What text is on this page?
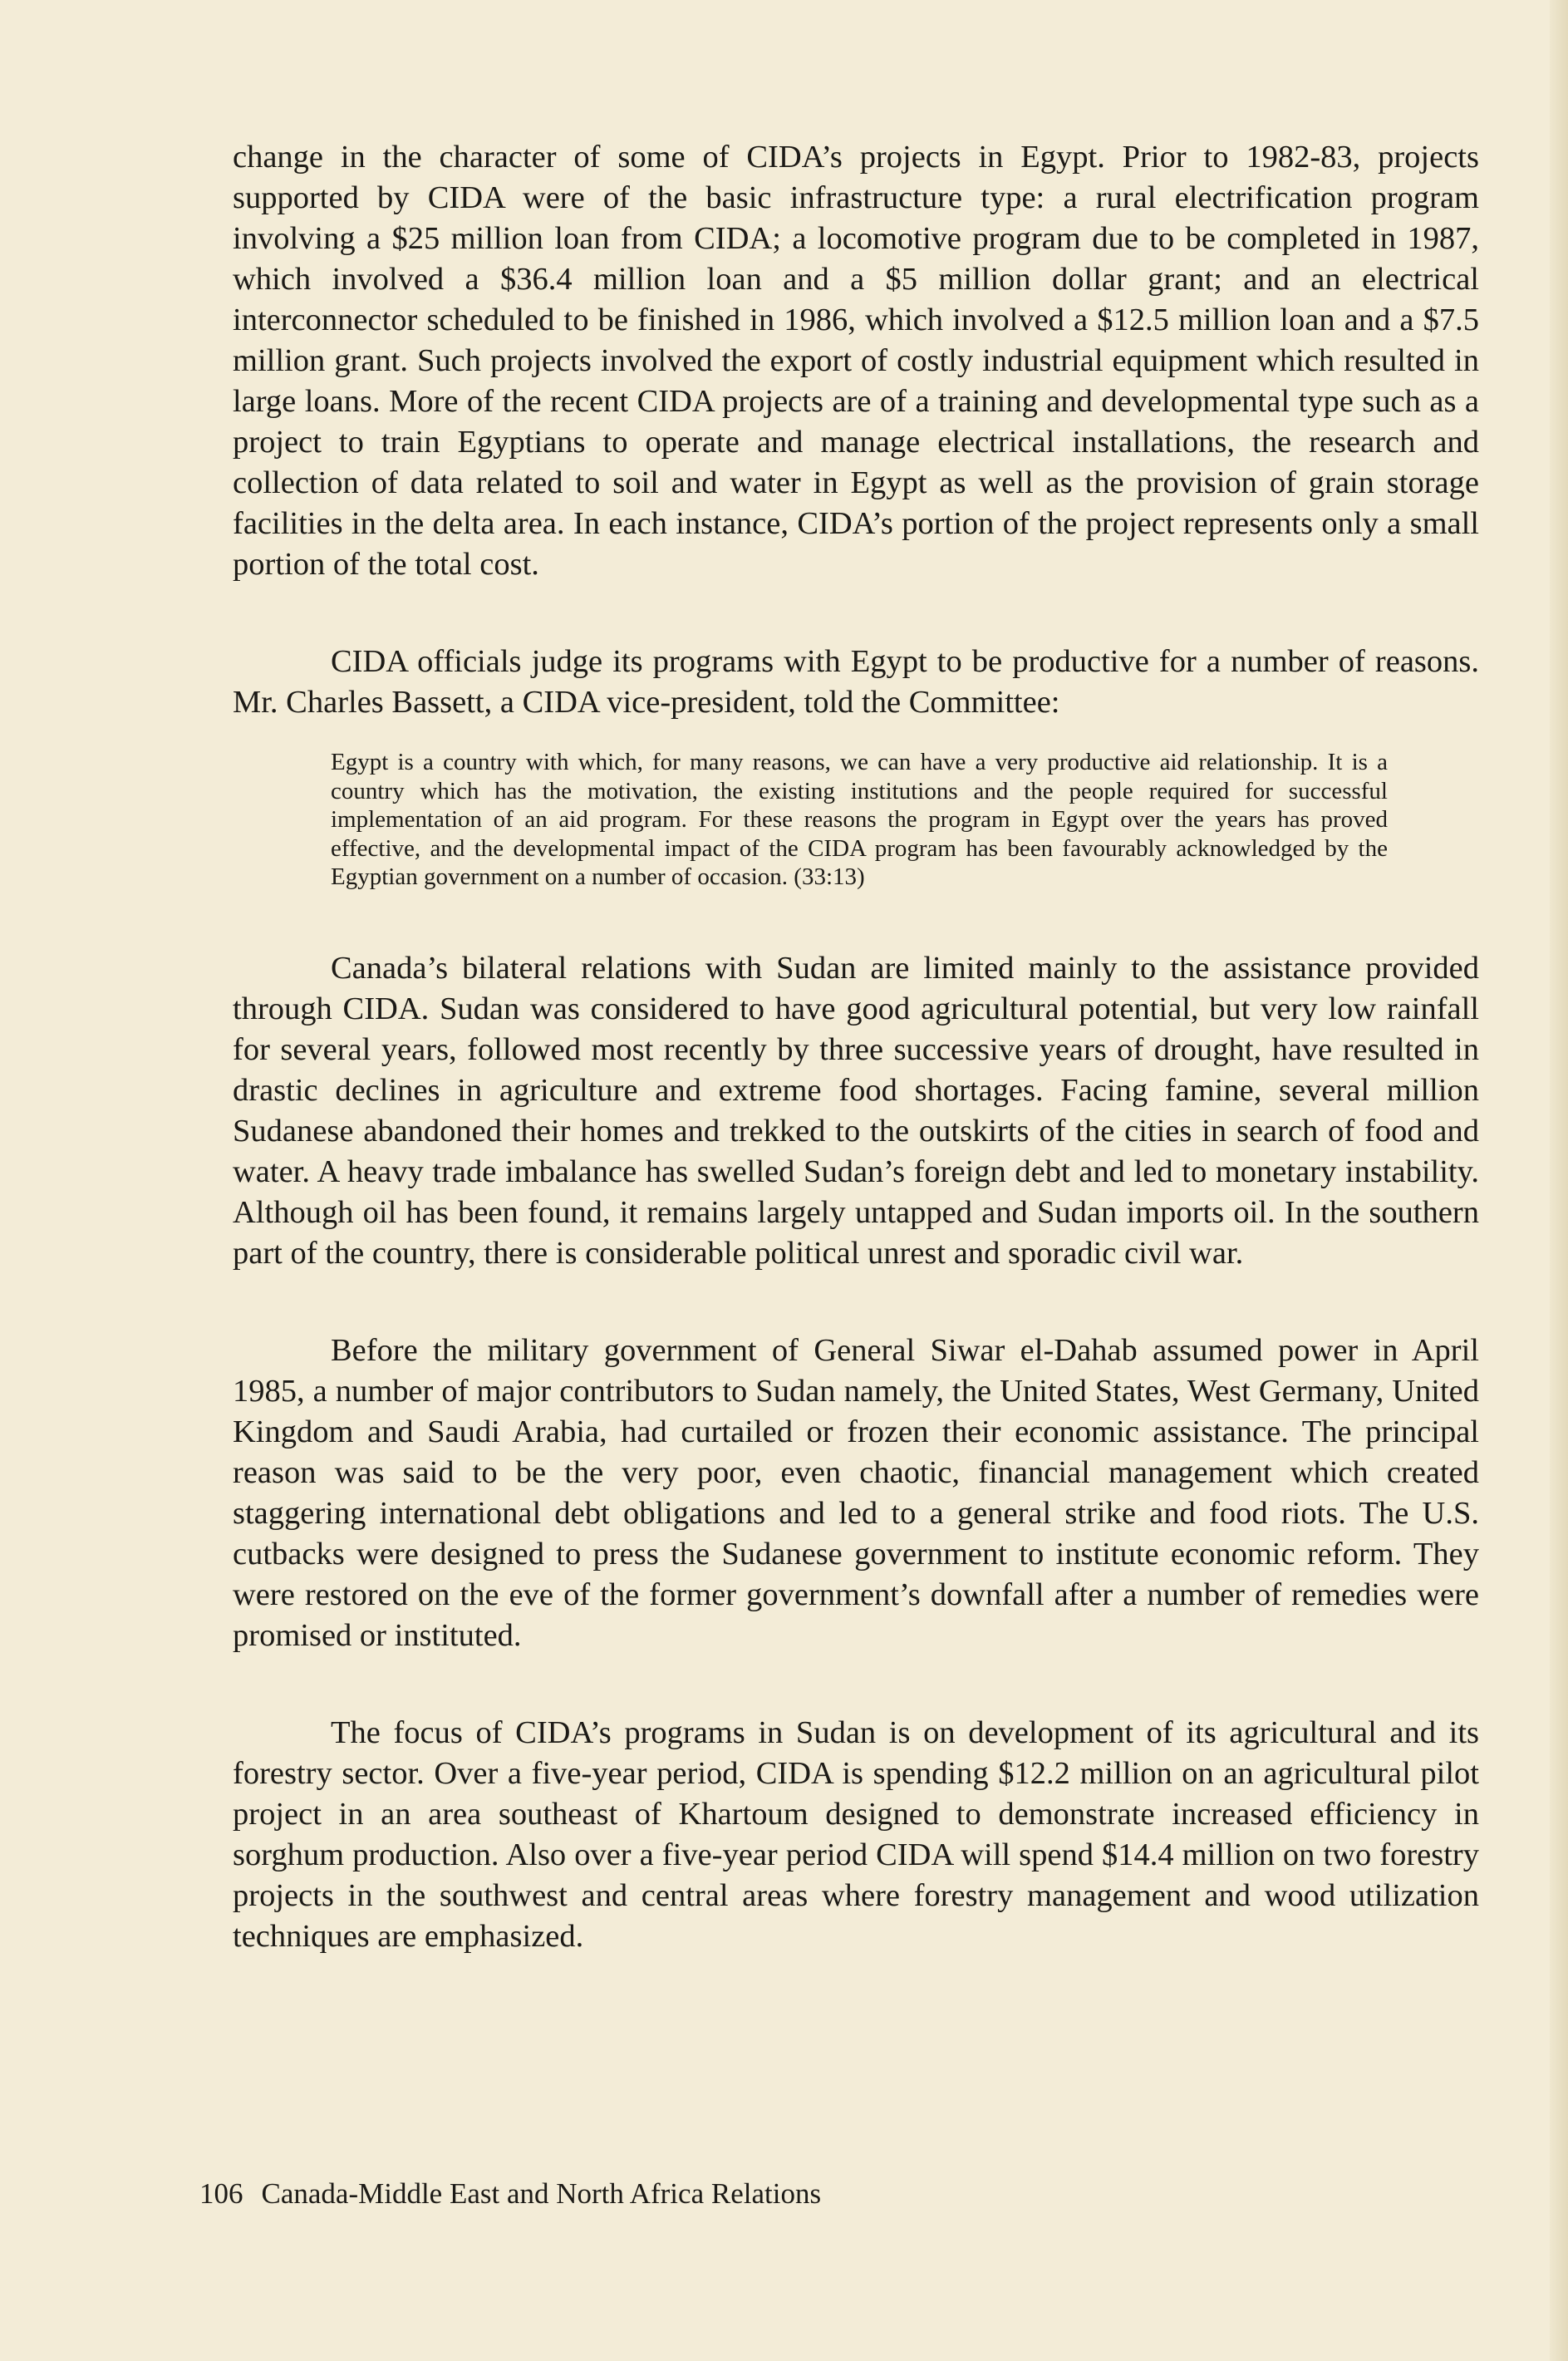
change in the character of some of CIDA’s projects in Egypt. Prior to 1982-83, projects supported by CIDA were of the basic infrastructure type: a rural electrification program involving a $25 million loan from CIDA; a locomotive program due to be completed in 1987, which involved a $36.4 million loan and a $5 million dollar grant; and an electrical interconnector scheduled to be finished in 1986, which involved a $12.5 million loan and a $7.5 million grant. Such projects involved the export of costly industrial equipment which resulted in large loans. More of the recent CIDA projects are of a training and developmental type such as a project to train Egyptians to operate and manage electrical installations, the research and collection of data related to soil and water in Egypt as well as the provision of grain storage facilities in the delta area. In each instance, CIDA’s portion of the project represents only a small portion of the total cost.

CIDA officials judge its programs with Egypt to be productive for a number of reasons. Mr. Charles Bassett, a CIDA vice-president, told the Committee:

Egypt is a country with which, for many reasons, we can have a very productive aid relationship. It is a country which has the motivation, the existing institutions and the people required for successful implementation of an aid program. For these reasons the program in Egypt over the years has proved effective, and the developmental impact of the CIDA program has been favourably acknowledged by the Egyptian government on a number of occasion. (33:13)

Canada’s bilateral relations with Sudan are limited mainly to the assistance provided through CIDA. Sudan was considered to have good agricultural potential, but very low rainfall for several years, followed most recently by three successive years of drought, have resulted in drastic declines in agriculture and extreme food shortages. Facing famine, several million Sudanese abandoned their homes and trekked to the outskirts of the cities in search of food and water. A heavy trade imbalance has swelled Sudan’s foreign debt and led to monetary instability. Although oil has been found, it remains largely untapped and Sudan imports oil. In the southern part of the country, there is considerable political unrest and sporadic civil war.

Before the military government of General Siwar el-Dahab assumed power in April 1985, a number of major contributors to Sudan namely, the United States, West Germany, United Kingdom and Saudi Arabia, had curtailed or frozen their economic assistance. The principal reason was said to be the very poor, even chaotic, financial management which created staggering international debt obligations and led to a general strike and food riots. The U.S. cutbacks were designed to press the Sudanese government to institute economic reform. They were restored on the eve of the former government’s downfall after a number of remedies were promised or instituted.

The focus of CIDA’s programs in Sudan is on development of its agricultural and its forestry sector. Over a five-year period, CIDA is spending $12.2 million on an agricultural pilot project in an area southeast of Khartoum designed to demonstrate increased efficiency in sorghum production. Also over a five-year period CIDA will spend $14.4 million on two forestry projects in the southwest and central areas where forestry management and wood utilization techniques are emphasized.

106 Canada-Middle East and North Africa Relations
